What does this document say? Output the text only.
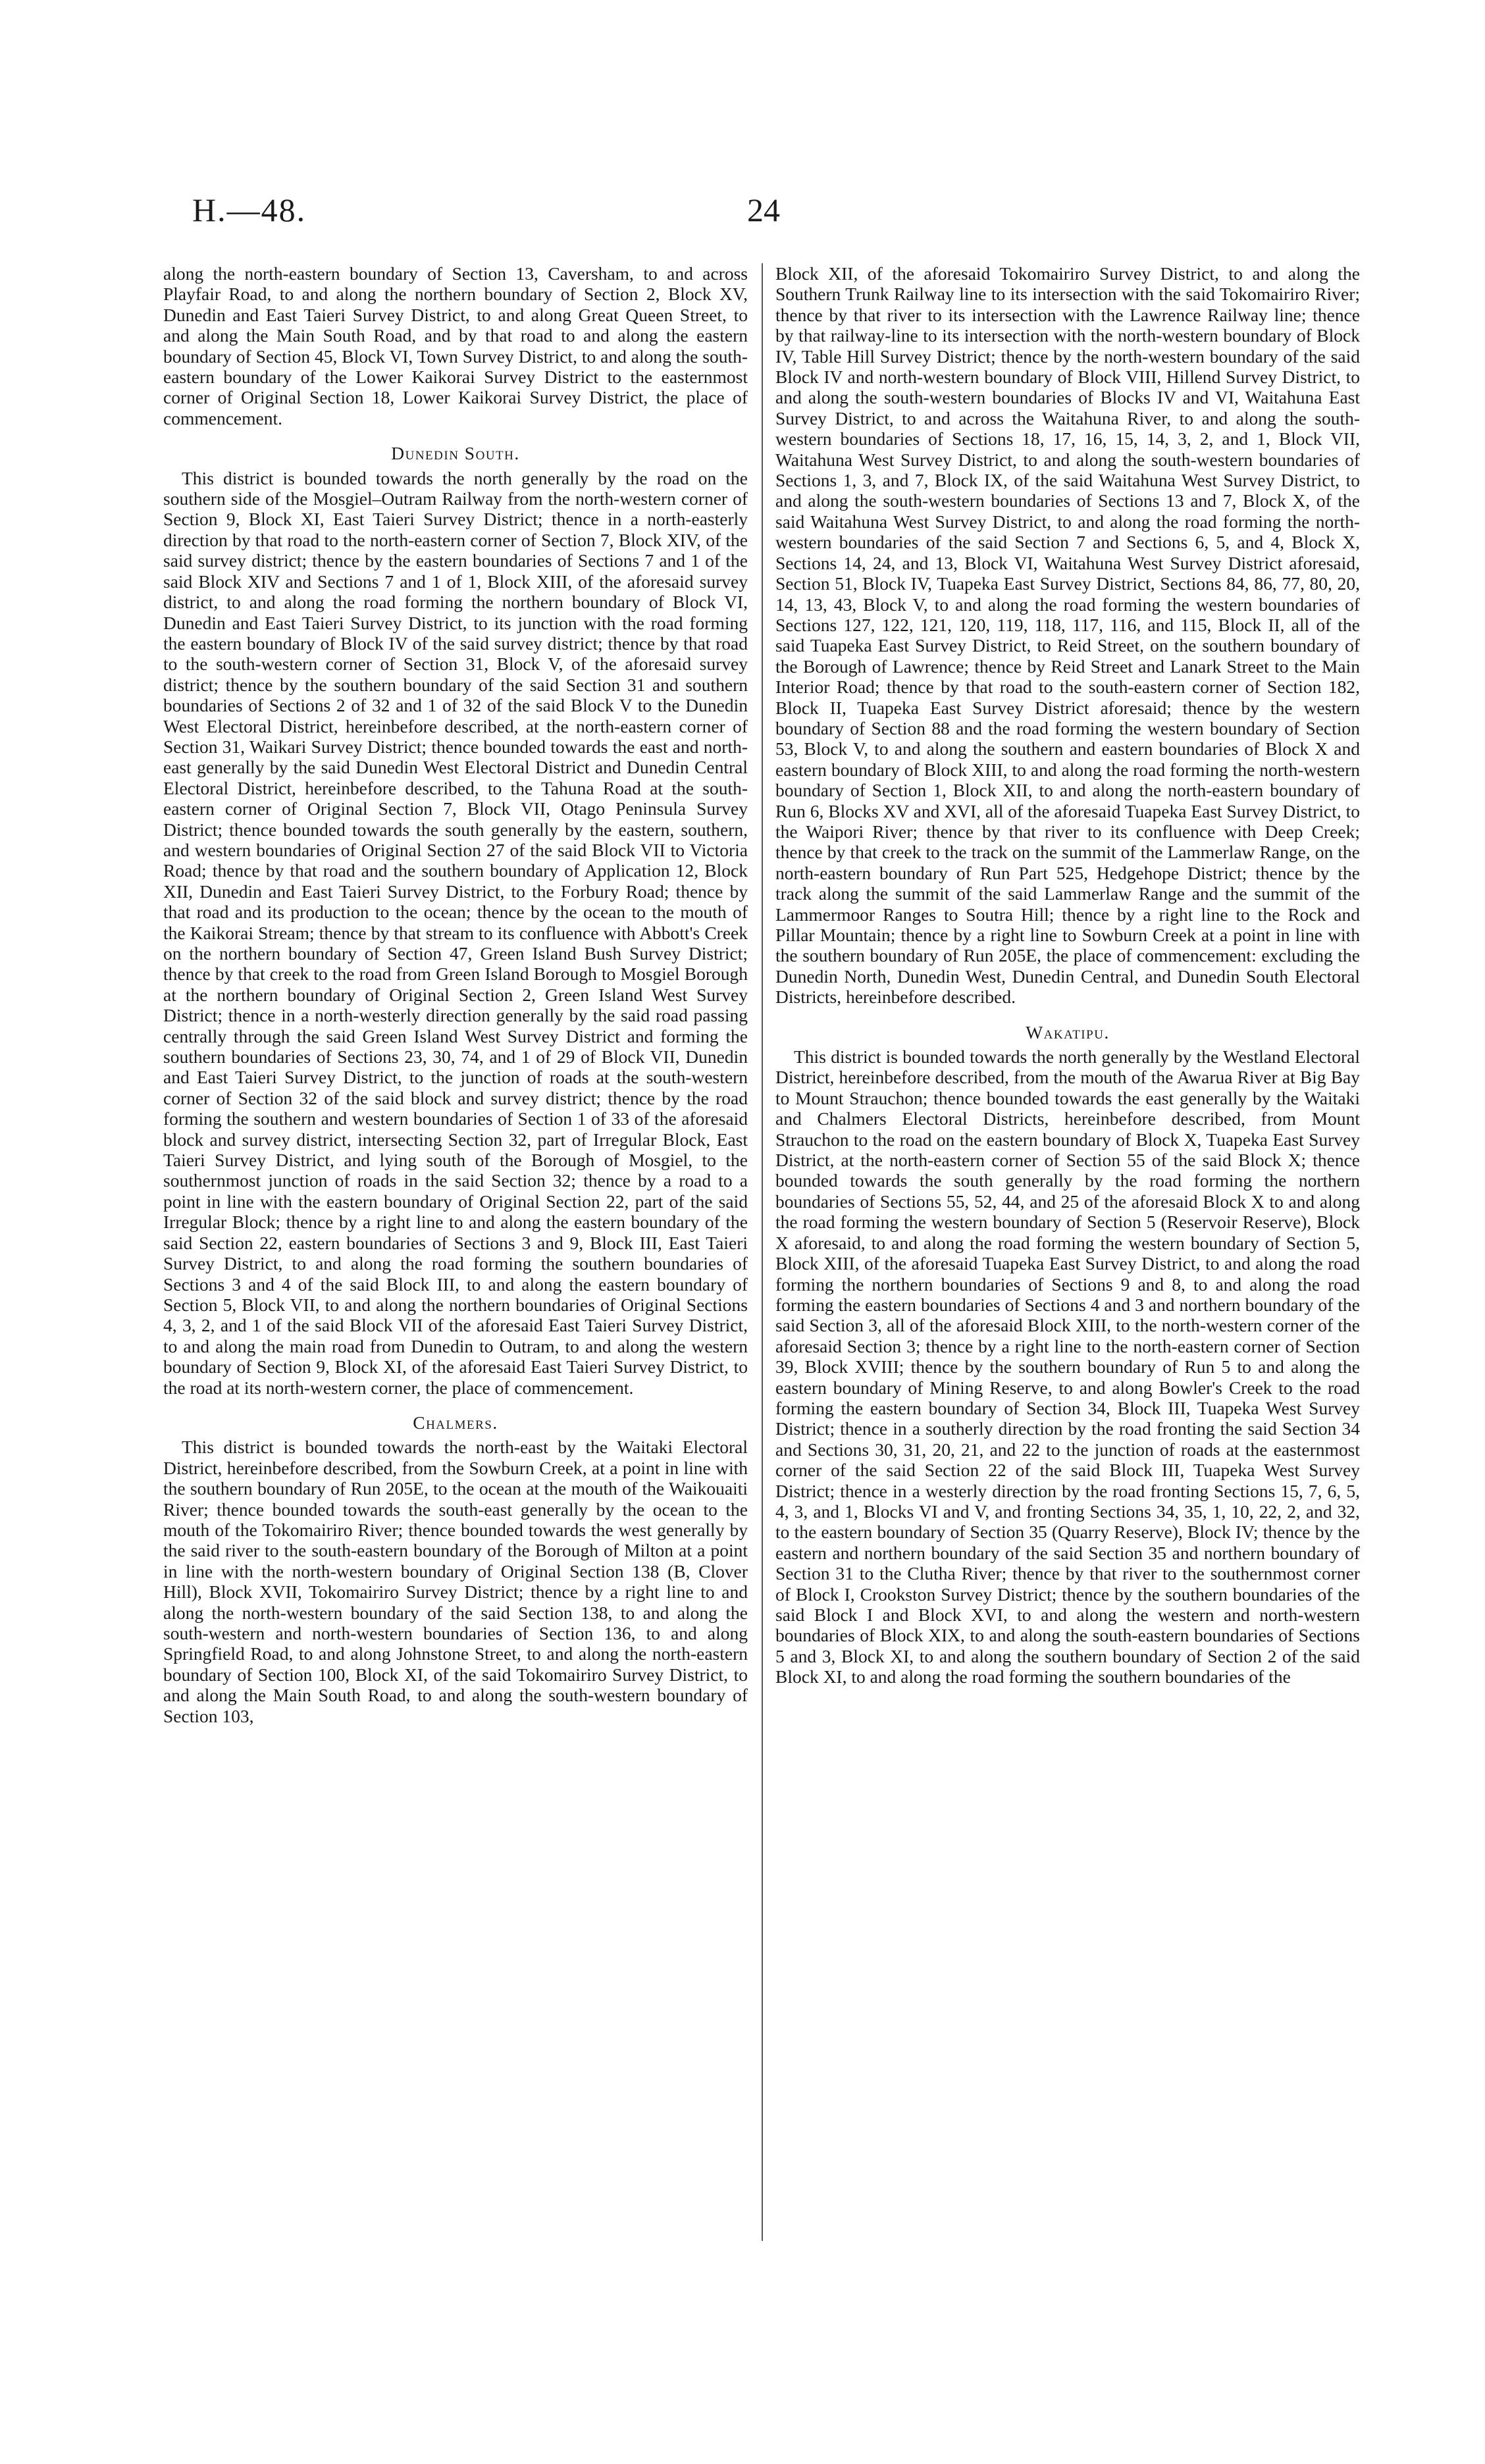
H.—48.	24

along the north-eastern boundary of Section 13, Caversham, to and across Playfair Road, to and along the northern boundary of Section 2, Block XV, Dunedin and East Taieri Survey District, to and along Great Queen Street, to and along the Main South Road, and by that road to and along the eastern boundary of Section 45, Block VI, Town Survey District, to and along the south-eastern boundary of the Lower Kaikorai Survey District to the easternmost corner of Original Section 18, Lower Kaikorai Survey District, the place of commencement.

Dunedin South.

This district is bounded towards the north generally by the road on the southern side of the Mosgiel–Outram Railway from the north-western corner of Section 9, Block XI, East Taieri Survey District; thence in a north-easterly direction by that road to the north-eastern corner of Section 7, Block XIV, of the said survey district; thence by the eastern boundaries of Sections 7 and 1 of the said Block XIV and Sections 7 and 1 of 1, Block XIII, of the aforesaid survey district, to and along the road forming the northern boundary of Block VI, Dunedin and East Taieri Survey District, to its junction with the road forming the eastern boundary of Block IV of the said survey district; thence by that road to the south-western corner of Section 31, Block V, of the aforesaid survey district; thence by the southern boundary of the said Section 31 and southern boundaries of Sections 2 of 32 and 1 of 32 of the said Block V to the Dunedin West Electoral District, hereinbefore described, at the north-eastern corner of Section 31, Waikari Survey District; thence bounded towards the east and north-east generally by the said Dunedin West Electoral District and Dunedin Central Electoral District, hereinbefore described, to the Tahuna Road at the south-eastern corner of Original Section 7, Block VII, Otago Peninsula Survey District; thence bounded towards the south generally by the eastern, southern, and western boundaries of Original Section 27 of the said Block VII to Victoria Road; thence by that road and the southern boundary of Application 12, Block XII, Dunedin and East Taieri Survey District, to the Forbury Road; thence by that road and its production to the ocean; thence by the ocean to the mouth of the Kaikorai Stream; thence by that stream to its confluence with Abbott's Creek on the northern boundary of Section 47, Green Island Bush Survey District; thence by that creek to the road from Green Island Borough to Mosgiel Borough at the northern boundary of Original Section 2, Green Island West Survey District; thence in a north-westerly direction generally by the said road passing centrally through the said Green Island West Survey District and forming the southern boundaries of Sections 23, 30, 74, and 1 of 29 of Block VII, Dunedin and East Taieri Survey District, to the junction of roads at the south-western corner of Section 32 of the said block and survey district; thence by the road forming the southern and western boundaries of Section 1 of 33 of the aforesaid block and survey district, intersecting Section 32, part of Irregular Block, East Taieri Survey District, and lying south of the Borough of Mosgiel, to the southernmost junction of roads in the said Section 32; thence by a road to a point in line with the eastern boundary of Original Section 22, part of the said Irregular Block; thence by a right line to and along the eastern boundary of the said Section 22, eastern boundaries of Sections 3 and 9, Block III, East Taieri Survey District, to and along the road forming the southern boundaries of Sections 3 and 4 of the said Block III, to and along the eastern boundary of Section 5, Block VII, to and along the northern boundaries of Original Sections 4, 3, 2, and 1 of the said Block VII of the aforesaid East Taieri Survey District, to and along the main road from Dunedin to Outram, to and along the western boundary of Section 9, Block XI, of the aforesaid East Taieri Survey District, to the road at its north-western corner, the place of commencement.

Chalmers.

This district is bounded towards the north-east by the Waitaki Electoral District, hereinbefore described, from the Sowburn Creek, at a point in line with the southern boundary of Run 205E, to the ocean at the mouth of the Waikouaiti River; thence bounded towards the south-east generally by the ocean to the mouth of the Tokomairiro River; thence bounded towards the west generally by the said river to the south-eastern boundary of the Borough of Milton at a point in line with the north-western boundary of Original Section 138 (B, Clover Hill), Block XVII, Tokomairiro Survey District; thence by a right line to and along the north-western boundary of the said Section 138, to and along the south-western and north-western boundaries of Section 136, to and along Springfield Road, to and along Johnstone Street, to and along the north-eastern boundary of Section 100, Block XI, of the said Tokomairiro Survey District, to and along the Main South Road, to and along the south-western boundary of Section 103,

Block XII, of the aforesaid Tokomairiro Survey District, to and along the Southern Trunk Railway line to its intersection with the said Tokomairiro River; thence by that river to its intersection with the Lawrence Railway line; thence by that railway-line to its intersection with the north-western boundary of Block IV, Table Hill Survey District; thence by the north-western boundary of the said Block IV and north-western boundary of Block VIII, Hillend Survey District, to and along the south-western boundaries of Blocks IV and VI, Waitahuna East Survey District, to and across the Waitahuna River, to and along the south-western boundaries of Sections 18, 17, 16, 15, 14, 3, 2, and 1, Block VII, Waitahuna West Survey District, to and along the south-western boundaries of Sections 1, 3, and 7, Block IX, of the said Waitahuna West Survey District, to and along the south-western boundaries of Sections 13 and 7, Block X, of the said Waitahuna West Survey District, to and along the road forming the north-western boundaries of the said Section 7 and Sections 6, 5, and 4, Block X, Sections 14, 24, and 13, Block VI, Waitahuna West Survey District aforesaid, Section 51, Block IV, Tuapeka East Survey District, Sections 84, 86, 77, 80, 20, 14, 13, 43, Block V, to and along the road forming the western boundaries of Sections 127, 122, 121, 120, 119, 118, 117, 116, and 115, Block II, all of the said Tuapeka East Survey District, to Reid Street, on the southern boundary of the Borough of Lawrence; thence by Reid Street and Lanark Street to the Main Interior Road; thence by that road to the south-eastern corner of Section 182, Block II, Tuapeka East Survey District aforesaid; thence by the western boundary of Section 88 and the road forming the western boundary of Section 53, Block V, to and along the southern and eastern boundaries of Block X and eastern boundary of Block XIII, to and along the road forming the north-western boundary of Section 1, Block XII, to and along the north-eastern boundary of Run 6, Blocks XV and XVI, all of the aforesaid Tuapeka East Survey District, to the Waipori River; thence by that river to its confluence with Deep Creek; thence by that creek to the track on the summit of the Lammerlaw Range, on the north-eastern boundary of Run Part 525, Hedgehope District; thence by the track along the summit of the said Lammerlaw Range and the summit of the Lammermoor Ranges to Soutra Hill; thence by a right line to the Rock and Pillar Mountain; thence by a right line to Sowburn Creek at a point in line with the southern boundary of Run 205E, the place of commencement: excluding the Dunedin North, Dunedin West, Dunedin Central, and Dunedin South Electoral Districts, hereinbefore described.

Wakatipu.

This district is bounded towards the north generally by the Westland Electoral District, hereinbefore described, from the mouth of the Awarua River at Big Bay to Mount Strauchon; thence bounded towards the east generally by the Waitaki and Chalmers Electoral Districts, hereinbefore described, from Mount Strauchon to the road on the eastern boundary of Block X, Tuapeka East Survey District, at the north-eastern corner of Section 55 of the said Block X; thence bounded towards the south generally by the road forming the northern boundaries of Sections 55, 52, 44, and 25 of the aforesaid Block X to and along the road forming the western boundary of Section 5 (Reservoir Reserve), Block X aforesaid, to and along the road forming the western boundary of Section 5, Block XIII, of the aforesaid Tuapeka East Survey District, to and along the road forming the northern boundaries of Sections 9 and 8, to and along the road forming the eastern boundaries of Sections 4 and 3 and northern boundary of the said Section 3, all of the aforesaid Block XIII, to the north-western corner of the aforesaid Section 3; thence by a right line to the north-eastern corner of Section 39, Block XVIII; thence by the southern boundary of Run 5 to and along the eastern boundary of Mining Reserve, to and along Bowler's Creek to the road forming the eastern boundary of Section 34, Block III, Tuapeka West Survey District; thence in a southerly direction by the road fronting the said Section 34 and Sections 30, 31, 20, 21, and 22 to the junction of roads at the easternmost corner of the said Section 22 of the said Block III, Tuapeka West Survey District; thence in a westerly direction by the road fronting Sections 15, 7, 6, 5, 4, 3, and 1, Blocks VI and V, and fronting Sections 34, 35, 1, 10, 22, 2, and 32, to the eastern boundary of Section 35 (Quarry Reserve), Block IV; thence by the eastern and northern boundary of the said Section 35 and northern boundary of Section 31 to the Clutha River; thence by that river to the southernmost corner of Block I, Crookston Survey District; thence by the southern boundaries of the said Block I and Block XVI, to and along the western and north-western boundaries of Block XIX, to and along the south-eastern boundaries of Sections 5 and 3, Block XI, to and along the southern boundary of Section 2 of the said Block XI, to and along the road forming the southern boundaries of the
